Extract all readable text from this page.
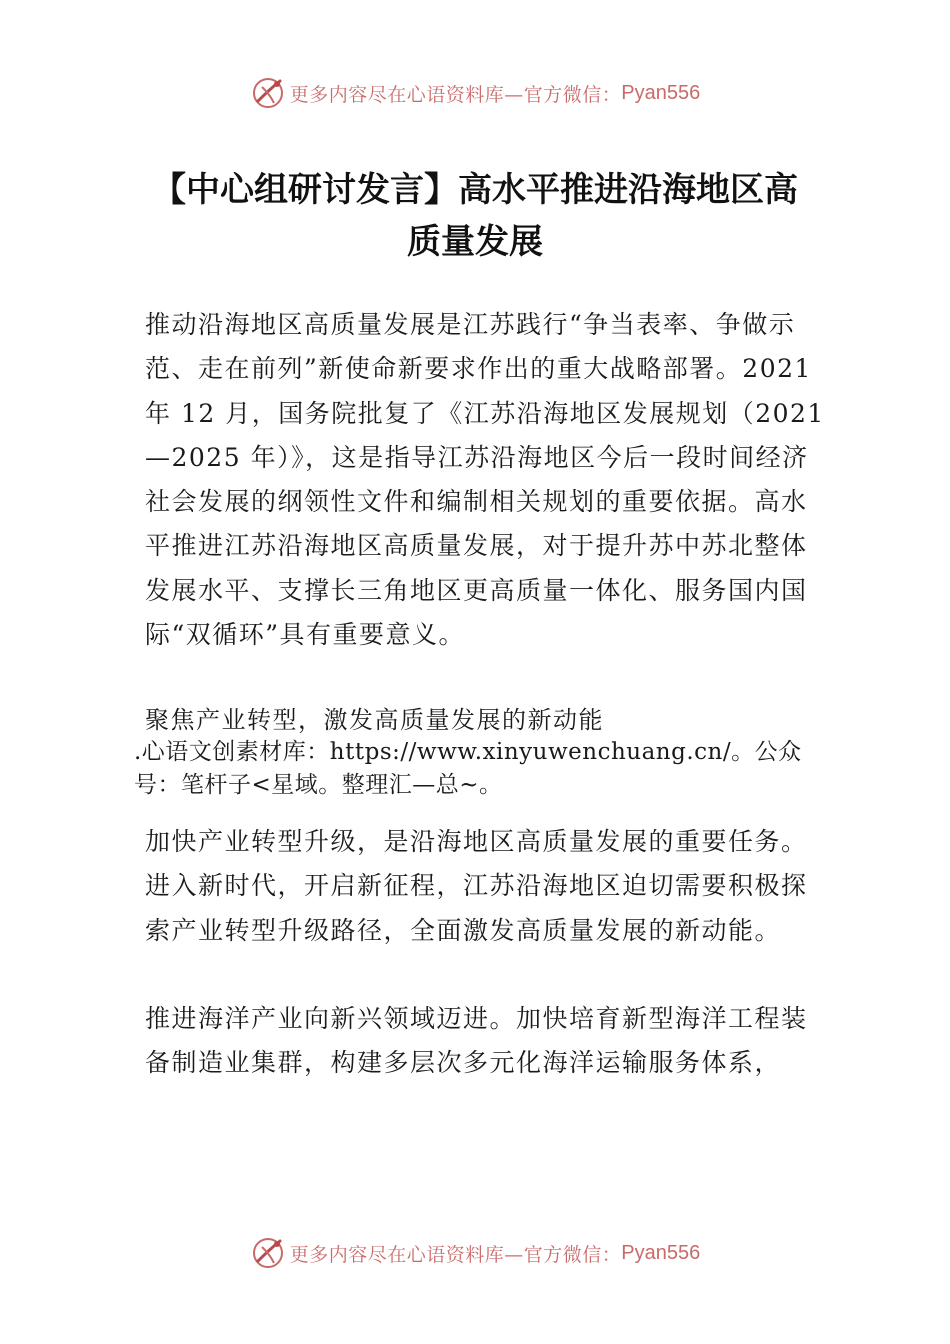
更多内容尽在心语资料库—官方微信： Pyan556
【中心组研讨发言】高水平推进沿海地区高
质量发展

推动沿海地区高质量发展是江苏践行“争当表率、争做示范、走在前列”新使命新要求作出的重大战略部署。2021 年 12 月，国务院批复了《江苏沿海地区发展规划（2021—2025 年）》，这是指导江苏沿海地区今后一段时间经济社会发展的纲领性文件和编制相关规划的重要依据。高水平推进江苏沿海地区高质量发展，对于提升苏中苏北整体发展水平、支撑长三角地区更高质量一体化、服务国内国际“双循环”具有重要意义。

聚焦产业转型，激发高质量发展的新动能

.心语文创素材库：https://www.xinyuwenchuang.cn/。公众号：笔杆子<星域。整理汇—总~。

加快产业转型升级，是沿海地区高质量发展的重要任务。进入新时代，开启新征程，江苏沿海地区迫切需要积极探索产业转型升级路径，全面激发高质量发展的新动能。

推进海洋产业向新兴领域迈进。加快培育新型海洋工程装备制造业集群，构建多层次多元化海洋运输服务体系，

更多内容尽在心语资料库—官方微信： Pyan556
